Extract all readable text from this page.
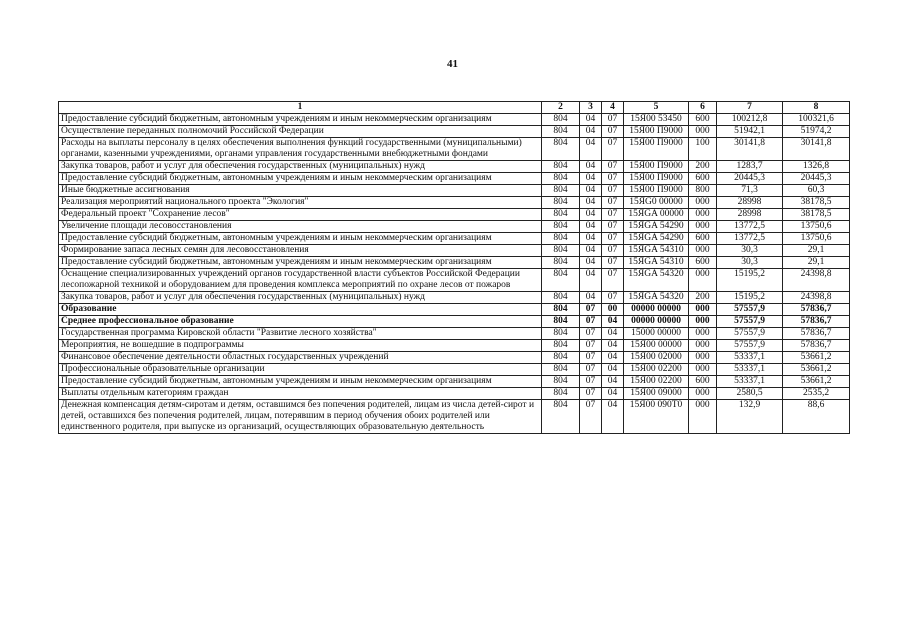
41
1	2	3	4	5	6	7	8
Предоставление субсидий бюджетным, автономным учреждениям и иным некоммерческим организациям	804	04	07	15Я00 53450	600	100212,8	100321,6
Осуществление переданных полномочий Российской Федерации	804	04	07	15Я00 П9000	000	51942,1	51974,2
Расходы на выплаты персоналу в целях обеспечения выполнения функций государственными (муниципальными) органами, казенными учреждениями, органами управления государственными внебюджетными фондами	804	04	07	15Я00 П9000	100	30141,8	30141,8
Закупка товаров, работ и услуг для обеспечения государственных (муниципальных) нужд	804	04	07	15Я00 П9000	200	1283,7	1326,8
Предоставление субсидий бюджетным, автономным учреждениям и иным некоммерческим организациям	804	04	07	15Я00 П9000	600	20445,3	20445,3
Иные бюджетные ассигнования	804	04	07	15Я00 П9000	800	71,3	60,3
Реализация мероприятий национального проекта "Экология"	804	04	07	15ЯG0 00000	000	28998	38178,5
Федеральный проект "Сохранение лесов"	804	04	07	15ЯGA 00000	000	28998	38178,5
Увеличение площади лесовосстановления	804	04	07	15ЯGA 54290	000	13772,5	13750,6
Предоставление субсидий бюджетным, автономным учреждениям и иным некоммерческим организациям	804	04	07	15ЯGA 54290	600	13772,5	13750,6
Формирование запаса лесных семян для лесовосстановления	804	04	07	15ЯGA 54310	000	30,3	29,1
Предоставление субсидий бюджетным, автономным учреждениям и иным некоммерческим организациям	804	04	07	15ЯGA 54310	600	30,3	29,1
Оснащение специализированных учреждений органов государственной власти субъектов Российской Федерации лесопожарной техникой и оборудованием для проведения комплекса мероприятий по охране лесов от пожаров	804	04	07	15ЯGA 54320	000	15195,2	24398,8
Закупка товаров, работ и услуг для обеспечения государственных (муниципальных) нужд	804	04	07	15ЯGA 54320	200	15195,2	24398,8
Образование	804	07	00	00000 00000	000	57557,9	57836,7
Среднее профессиональное образование	804	07	04	00000 00000	000	57557,9	57836,7
Государственная программа Кировской области "Развитие лесного хозяйства"	804	07	04	15000 00000	000	57557,9	57836,7
Мероприятия, не вошедшие в подпрограммы	804	07	04	15Я00 00000	000	57557,9	57836,7
Финансовое обеспечение деятельности областных государственных учреждений	804	07	04	15Я00 02000	000	53337,1	53661,2
Профессиональные образовательные организации	804	07	04	15Я00 02200	000	53337,1	53661,2
Предоставление субсидий бюджетным, автономным учреждениям и иным некоммерческим организациям	804	07	04	15Я00 02200	600	53337,1	53661,2
Выплаты отдельным категориям граждан	804	07	04	15Я00 09000	000	2580,5	2535,2
Денежная компенсация детям-сиротам и детям, оставшимся без попечения родителей, лицам из числа детей-сирот и детей, оставшихся без попечения родителей, лицам, потерявшим в период обучения обоих родителей или единственного родителя, при выпуске из организаций, осуществляющих образовательную деятельность	804	07	04	15Я00 090Т0	000	132,9	88,6
